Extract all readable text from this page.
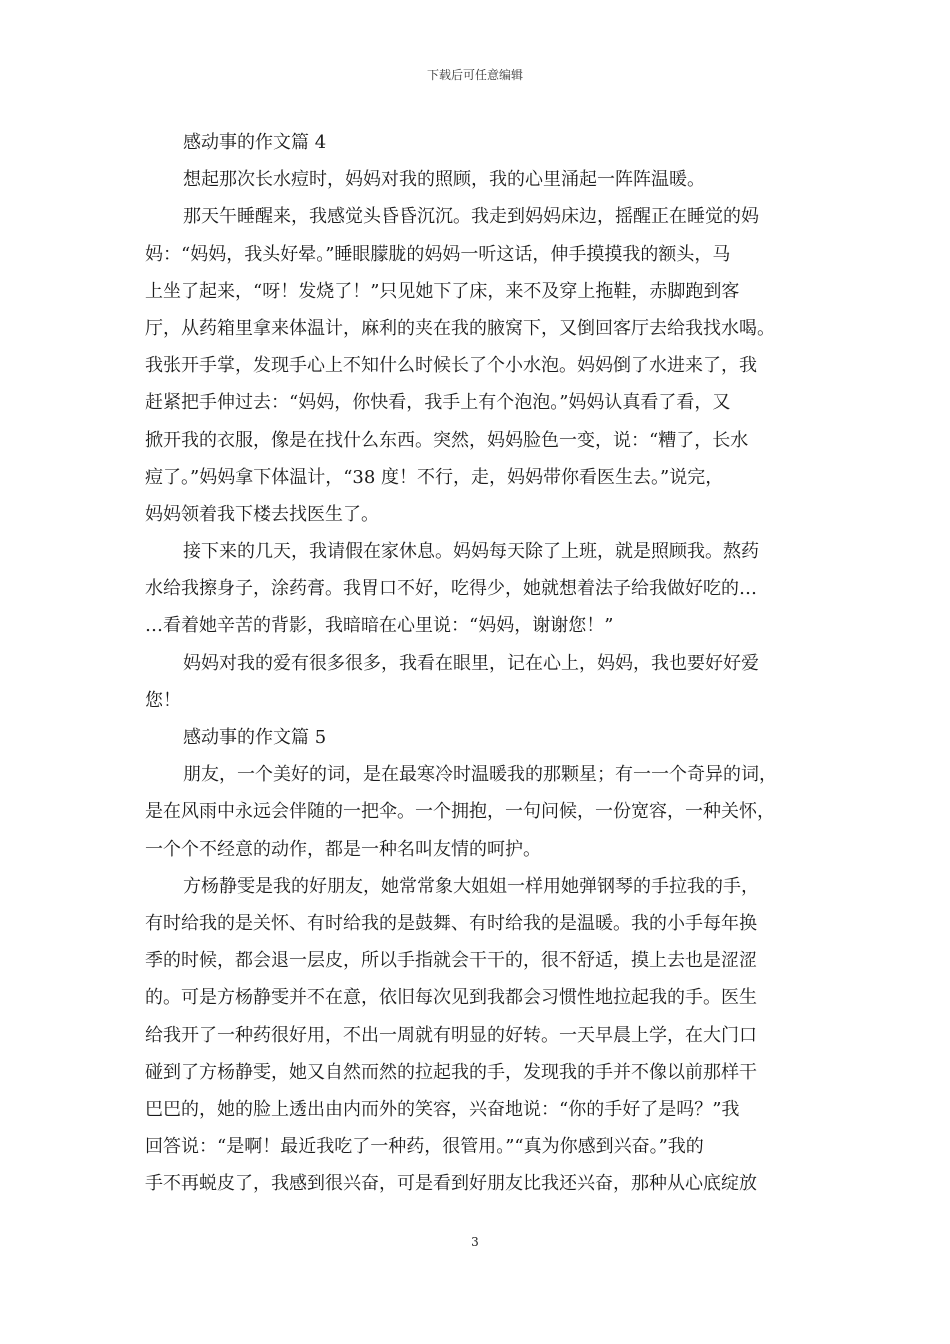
下载后可任意编辑
感动事的作文篇 4
想起那次长水痘时，妈妈对我的照顾，我的心里涌起一阵阵温暖。
那天午睡醒来，我感觉头昏昏沉沉。我走到妈妈床边，摇醒正在睡觉的妈
妈：“妈妈，我头好晕。”睡眼朦胧的妈妈一听这话，伸手摸摸我的额头，马
上坐了起来，“呀！发烧了！”只见她下了床，来不及穿上拖鞋，赤脚跑到客
厅，从药箱里拿来体温计，麻利的夹在我的腋窝下，又倒回客厅去给我找水喝。
我张开手掌，发现手心上不知什么时候长了个小水泡。妈妈倒了水进来了，我
赶紧把手伸过去：“妈妈，你快看，我手上有个泡泡。”妈妈认真看了看，又
掀开我的衣服，像是在找什么东西。突然，妈妈脸色一变，说：“糟了，长水
痘了。”妈妈拿下体温计，“38 度！不行，走，妈妈带你看医生去。”说完，
妈妈领着我下楼去找医生了。
接下来的几天，我请假在家休息。妈妈每天除了上班，就是照顾我。熬药
水给我擦身子，涂药膏。我胃口不好，吃得少，她就想着法子给我做好吃的…
…看着她辛苦的背影，我暗暗在心里说：“妈妈，谢谢您！”
妈妈对我的爱有很多很多，我看在眼里，记在心上，妈妈，我也要好好爱
您！
感动事的作文篇 5
朋友，一个美好的词，是在最寒冷时温暖我的那颗星；有一一个奇异的词，
是在风雨中永远会伴随的一把伞。一个拥抱，一句问候，一份宽容，一种关怀，
一个个不经意的动作，都是一种名叫友情的呵护。
方杨静雯是我的好朋友，她常常象大姐姐一样用她弹钢琴的手拉我的手，
有时给我的是关怀、有时给我的是鼓舞、有时给我的是温暖。我的小手每年换
季的时候，都会退一层皮，所以手指就会干干的，很不舒适，摸上去也是涩涩
的。可是方杨静雯并不在意，依旧每次见到我都会习惯性地拉起我的手。医生
给我开了一种药很好用，不出一周就有明显的好转。一天早晨上学，在大门口
碰到了方杨静雯，她又自然而然的拉起我的手，发现我的手并不像以前那样干
巴巴的，她的脸上透出由内而外的笑容，兴奋地说：“你的手好了是吗？”我
回答说：“是啊！最近我吃了一种药，很管用。”“真为你感到兴奋。”我的
手不再蜕皮了，我感到很兴奋，可是看到好朋友比我还兴奋，那种从心底绽放
3
